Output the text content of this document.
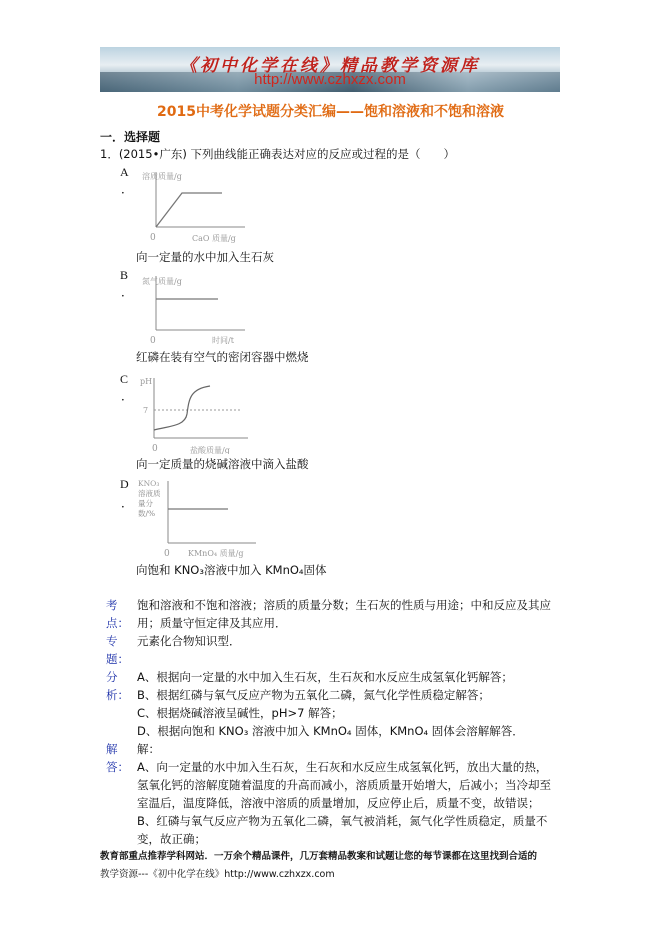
《初中化学在线》精品教学资源库
http://www.czhxzx.com
2015中考化学试题分类汇编——饱和溶液和不饱和溶液
一．选择题
1．(2015•广东) 下列曲线能正确表达对应的反应或过程的是（　　）
A
．
溶质质量/g
0	CaO 质量/g
向一定量的水中加入生石灰
B
．
氮气质量/g
0	时间/t
红磷在装有空气的密闭容器中燃烧
C
．
pH
7
0	盐酸质量/g
向一定质量的烧碱溶液中滴入盐酸
D
．
KNO₃
溶液质量分数/%
0 KMnO₄ 质量/g
向饱和 KNO₃溶液中加入 KMnO₄固体
考
点：
饱和溶液和不饱和溶液；溶质的质量分数；生石灰的性质与用途；中和反应及其应
用；质量守恒定律及其应用．
专
题：
元素化合物知识型．
分
析：
A、根据向一定量的水中加入生石灰，生石灰和水反应生成氢氧化钙解答；
B、根据红磷与氧气反应产物为五氧化二磷，氮气化学性质稳定解答；
C、根据烧碱溶液呈碱性，pH>7 解答；
D、根据向饱和 KNO₃ 溶液中加入 KMnO₄ 固体，KMnO₄ 固体会溶解解答．
解
答：
解：
A、向一定量的水中加入生石灰，生石灰和水反应生成氢氧化钙，放出大量的热，
氢氧化钙的溶解度随着温度的升高而减小，溶质质量开始增大，后减小；当冷却至
室温后，温度降低，溶液中溶质的质量增加，反应停止后，质量不变，故错误；
B、红磷与氧气反应产物为五氧化二磷，氧气被消耗，氮气化学性质稳定，质量不
变，故正确；
教育部重点推荐学科网站．一万余个精品课件，几万套精品教案和试题让您的每节课都在这里找到合适的
教学资源---《初中化学在线》http://www.czhxzx.com
